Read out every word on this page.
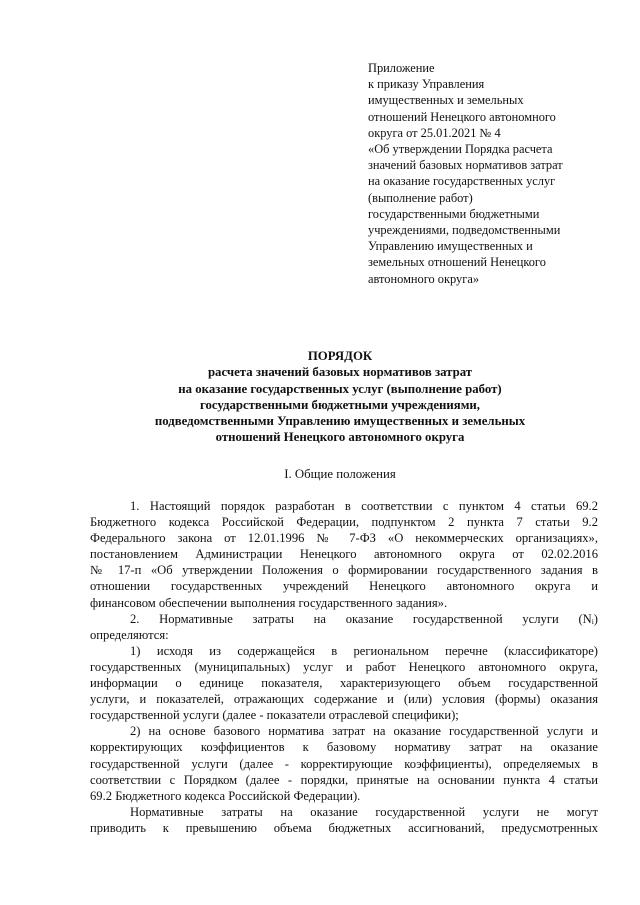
Приложение
к приказу Управления
имущественных и земельных
отношений Ненецкого автономного
округа от 25.01.2021 № 4
«Об утверждении Порядка расчета
значений базовых нормативов затрат
на оказание государственных услуг
(выполнение работ)
государственными бюджетными
учреждениями, подведомственными
Управлению имущественных и
земельных отношений Ненецкого
автономного округа»
ПОРЯДОК
расчета значений базовых нормативов затрат
на оказание государственных услуг (выполнение работ)
государственными бюджетными учреждениями,
подведомственными Управлению имущественных и земельных
отношений Ненецкого автономного округа
I. Общие положения
1. Настоящий порядок разработан в соответствии с пунктом 4 статьи 69.2
Бюджетного кодекса Российской Федерации, подпунктом 2 пункта 7 статьи 9.2
Федерального закона от 12.01.1996 № 7-ФЗ «О некоммерческих организациях»,
постановлением Администрации Ненецкого автономного округа от 02.02.2016
№ 17-п «Об утверждении Положения о формировании государственного задания в
отношении государственных учреждений Ненецкого автономного округа и
финансовом обеспечении выполнения государственного задания».
2. Нормативные затраты на оказание государственной услуги (Nᵢ)
определяются:
1) исходя из содержащейся в региональном перечне (классификаторе)
государственных (муниципальных) услуг и работ Ненецкого автономного округа,
информации о единице показателя, характеризующего объем государственной
услуги, и показателей, отражающих содержание и (или) условия (формы) оказания
государственной услуги (далее - показатели отраслевой специфики);
2) на основе базового норматива затрат на оказание государственной услуги и
корректирующих коэффициентов к базовому нормативу затрат на оказание
государственной услуги (далее - корректирующие коэффициенты), определяемых в
соответствии с Порядком (далее - порядки, принятые на основании пункта 4 статьи
69.2 Бюджетного кодекса Российской Федерации).
Нормативные затраты на оказание государственной услуги не могут
приводить к превышению объема бюджетных ассигнований, предусмотренных
